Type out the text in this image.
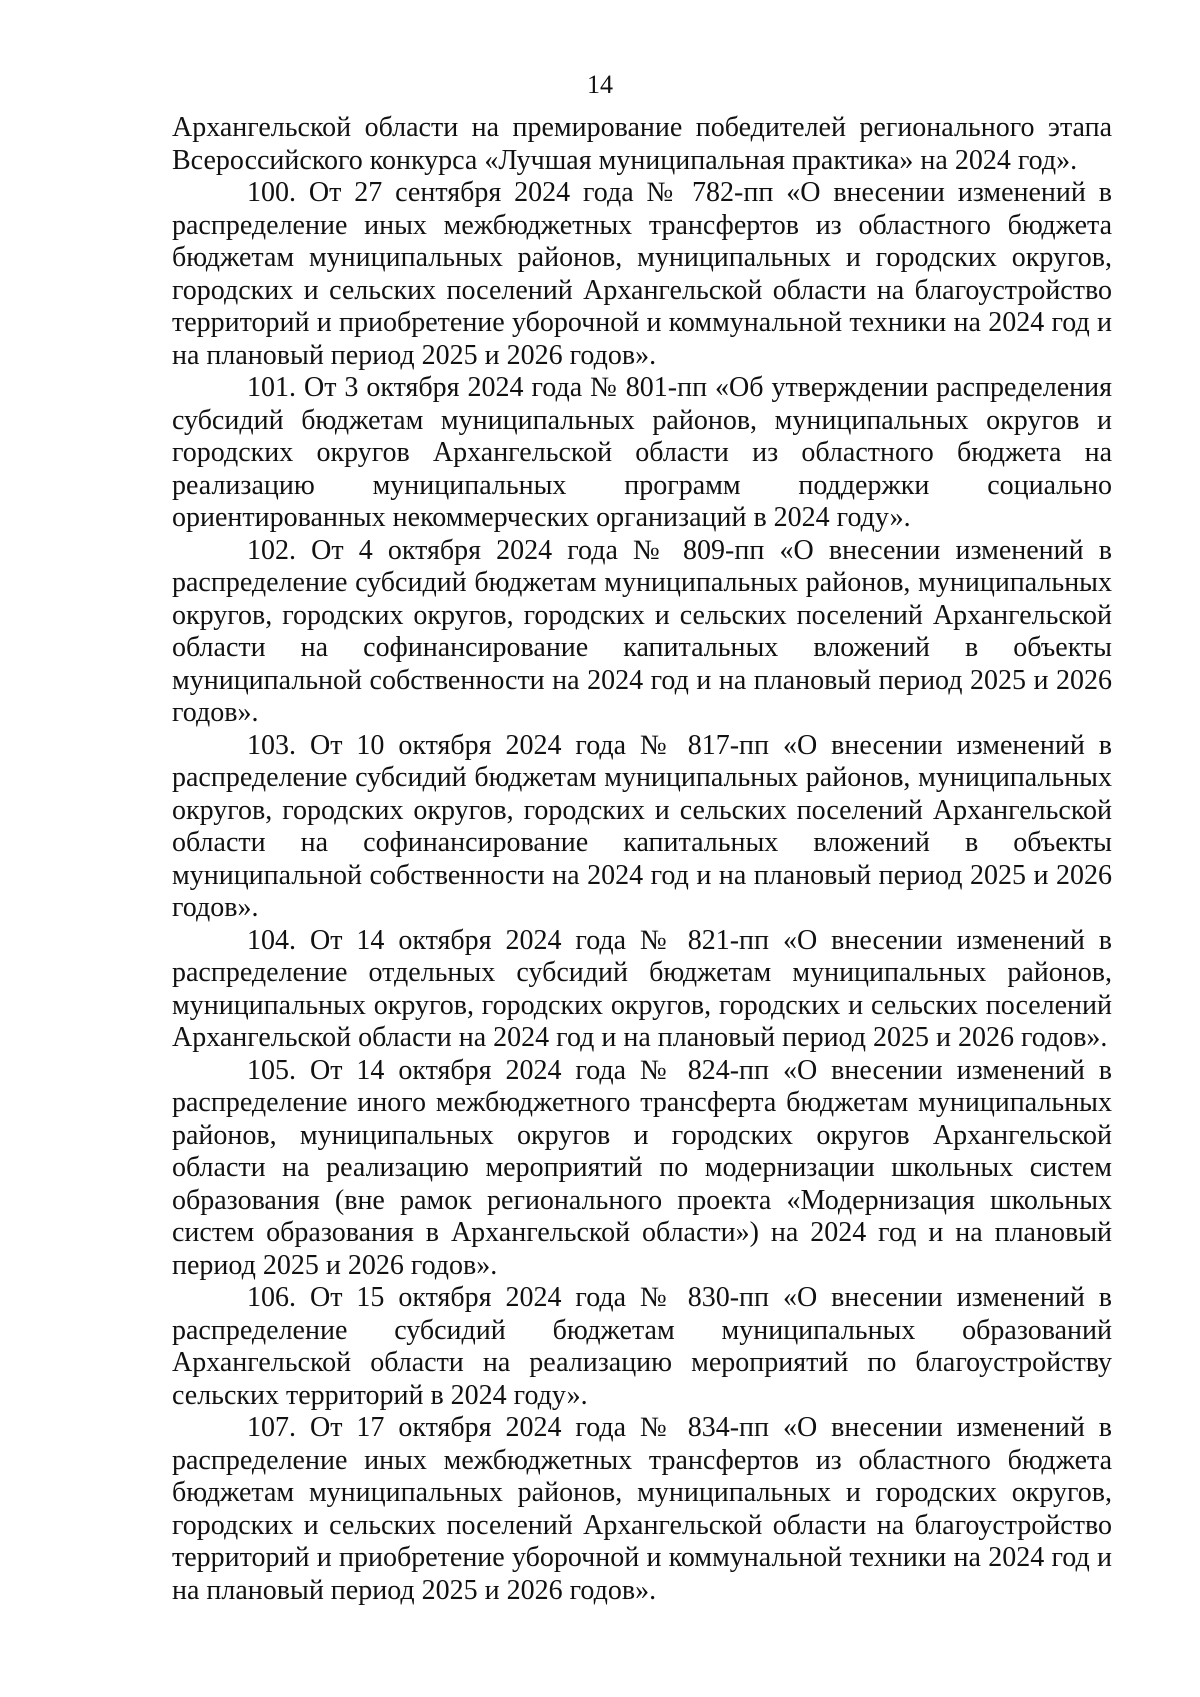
14

Архангельской области на премирование победителей регионального этапа Всероссийского конкурса «Лучшая муниципальная практика» на 2024 год».

100. От 27 сентября 2024 года № 782-пп «О внесении изменений в распределение иных межбюджетных трансфертов из областного бюджета бюджетам муниципальных районов, муниципальных и городских округов, городских и сельских поселений Архангельской области на благоустройство территорий и приобретение уборочной и коммунальной техники на 2024 год и на плановый период 2025 и 2026 годов».

101. От 3 октября 2024 года № 801-пп «Об утверждении распределения субсидий бюджетам муниципальных районов, муниципальных округов и городских округов Архангельской области из областного бюджета на реализацию муниципальных программ поддержки социально ориентированных некоммерческих организаций в 2024 году».

102. От 4 октября 2024 года № 809-пп «О внесении изменений в распределение субсидий бюджетам муниципальных районов, муниципальных округов, городских округов, городских и сельских поселений Архангельской области на софинансирование капитальных вложений в объекты муниципальной собственности на 2024 год и на плановый период 2025 и 2026 годов».

103. От 10 октября 2024 года № 817-пп «О внесении изменений в распределение субсидий бюджетам муниципальных районов, муниципальных округов, городских округов, городских и сельских поселений Архангельской области на софинансирование капитальных вложений в объекты муниципальной собственности на 2024 год и на плановый период 2025 и 2026 годов».

104. От 14 октября 2024 года № 821-пп «О внесении изменений в распределение отдельных субсидий бюджетам муниципальных районов, муниципальных округов, городских округов, городских и сельских поселений Архангельской области на 2024 год и на плановый период 2025 и 2026 годов».

105. От 14 октября 2024 года № 824-пп «О внесении изменений в распределение иного межбюджетного трансферта бюджетам муниципальных районов, муниципальных округов и городских округов Архангельской области на реализацию мероприятий по модернизации школьных систем образования (вне рамок регионального проекта «Модернизация школьных систем образования в Архангельской области») на 2024 год и на плановый период 2025 и 2026 годов».

106. От 15 октября 2024 года № 830-пп «О внесении изменений в распределение субсидий бюджетам муниципальных образований Архангельской области на реализацию мероприятий по благоустройству сельских территорий в 2024 году».

107. От 17 октября 2024 года № 834-пп «О внесении изменений в распределение иных межбюджетных трансфертов из областного бюджета бюджетам муниципальных районов, муниципальных и городских округов, городских и сельских поселений Архангельской области на благоустройство территорий и приобретение уборочной и коммунальной техники на 2024 год и на плановый период 2025 и 2026 годов».
